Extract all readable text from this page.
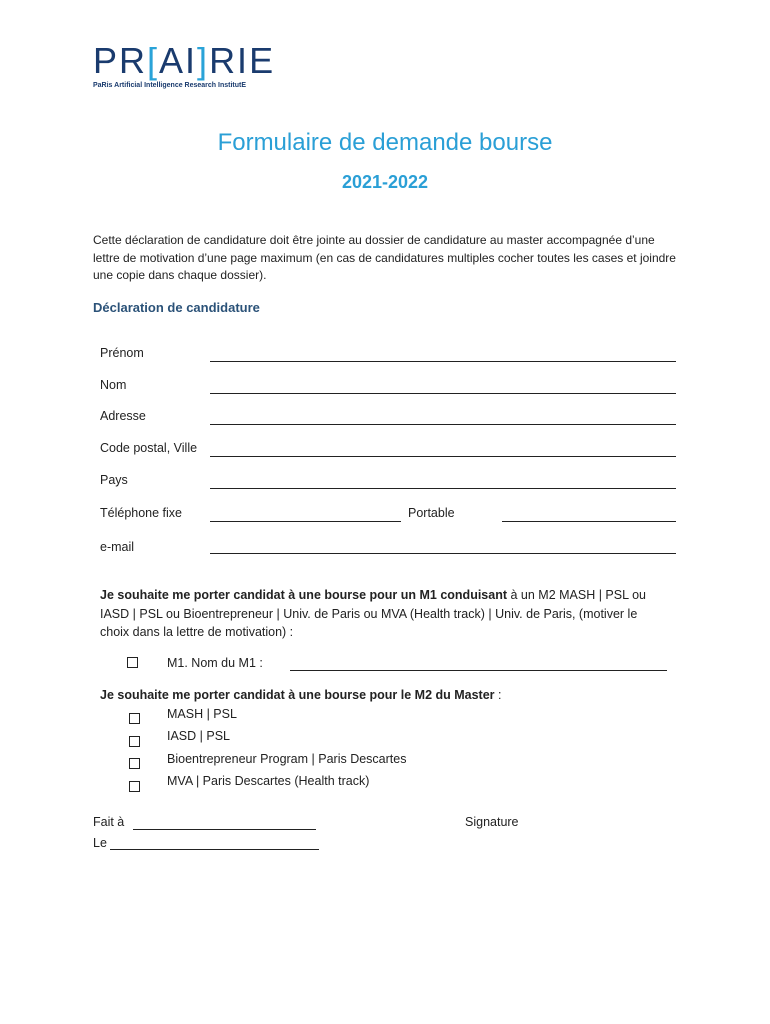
PR[AI]RIE
PaRis Artificial Intelligence Research InstitutE
Formulaire de demande bourse
2021-2022
Cette déclaration de candidature doit être jointe au dossier de candidature au master accompagnée d’une lettre de motivation d’une page maximum (en cas de candidatures multiples cocher toutes les cases et joindre une copie dans chaque dossier).
Déclaration de candidature
Prénom
Nom
Adresse
Code postal, Ville
Pays
Téléphone fixe	Portable
e-mail
Je souhaite me porter candidat à une bourse pour un M1 conduisant à un M2 MASH | PSL ou IASD | PSL ou Bioentrepreneur | Univ. de Paris ou MVA (Health track) | Univ. de Paris, (motiver le choix dans la lettre de motivation) :
M1. Nom du M1 :
Je souhaite me porter candidat à une bourse pour le M2 du Master :
MASH | PSL
IASD | PSL
Bioentrepreneur Program | Paris Descartes
MVA | Paris Descartes (Health track)
Fait à
Le
Signature
